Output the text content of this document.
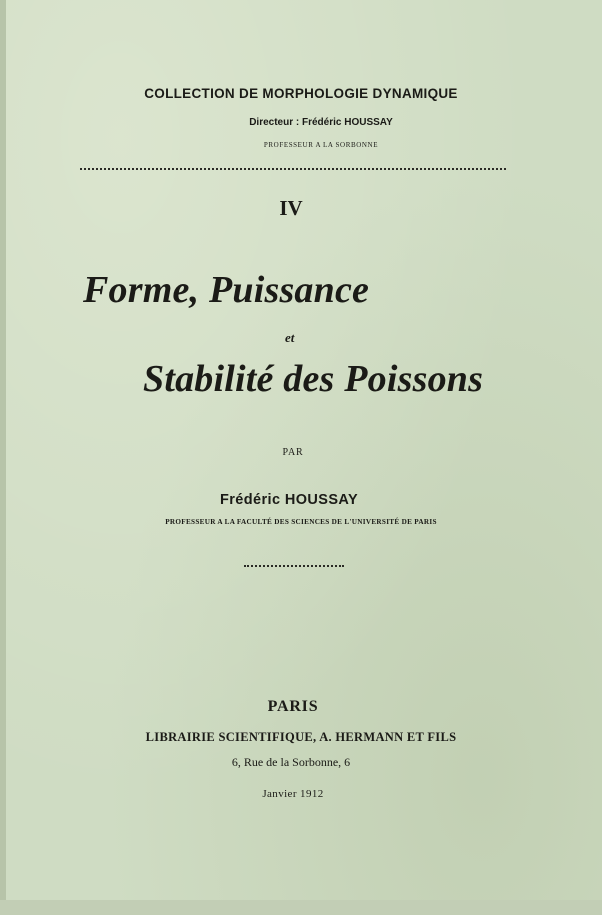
COLLECTION DE MORPHOLOGIE DYNAMIQUE
Directeur : Frédéric HOUSSAY
PROFESSEUR A LA SORBONNE
IV
Forme, Puissance
et
Stabilité des Poissons
PAR
Frédéric HOUSSAY
PROFESSEUR A LA FACULTÉ DES SCIENCES DE L'UNIVERSITÉ DE PARIS
PARIS
LIBRAIRIE SCIENTIFIQUE, A. HERMANN ET FILS
6, Rue de la Sorbonne, 6
Janvier 1912
